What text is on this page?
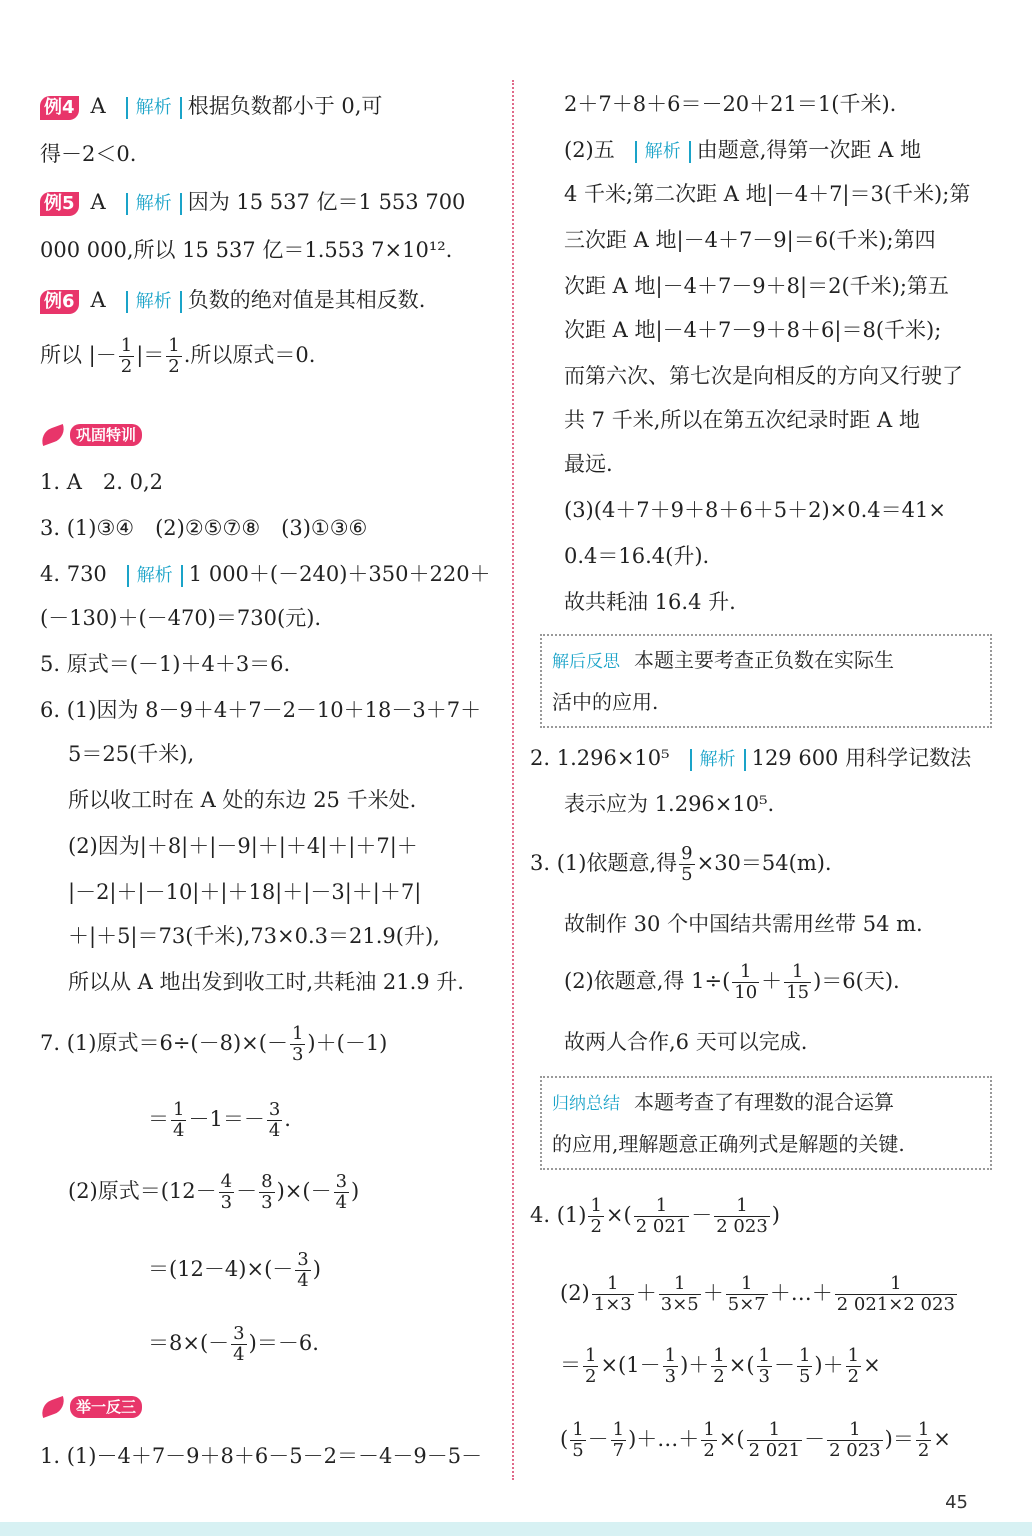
例4 A 解析 根据负数都小于 0,可
得－2＜0.
例5 A 解析 因为 15 537 亿＝1 553 700
000 000,所以 15 537 亿＝1.553 7×10¹².
例6 A 解析 负数的绝对值是其相反数.
所以 |－ $\frac{1}{2}$ |＝ $\frac{1}{2}$ .所以原式＝0.
巩固特训
1. A　2. 0,2
3. (1)③④　(2)②⑤⑦⑧　(3)①③⑥
4. 730 解析 1 000＋(－240)＋350＋220＋
(－130)＋(－470)＝730(元).
5. 原式＝(－1)＋4＋3＝6.
6. (1)因为 8－9＋4＋7－2－10＋18－3＋7＋
5＝25(千米),
所以收工时在 A 处的东边 25 千米处.
(2)因为|＋8|＋|－9|＋|＋4|＋|＋7|＋
|－2|＋|－10|＋|＋18|＋|－3|＋|＋7|
＋|＋5|＝73(千米),73×0.3＝21.9(升),
所以从 A 地出发到收工时,共耗油 21.9 升.
7. (1)原式$=6\div(-8)\times(- \frac{1}{3} )+(-1)$
＝ $\frac{1}{4} -1=- \frac{3}{4}$ .
(2)原式$=(12- \frac{4}{3} - \frac{8}{3}$ )×(－ $\frac{3}{4}$ )
$=(12-4)\times(- \frac{3}{4}$ )
$=8\times(- \frac{3}{4} )=-6$.
举一反三
1. (1)－4＋7－9＋8＋6－5－2＝－4－9－5－
2＋7＋8＋6＝－20＋21＝1(千米).
(2)五 解析 由题意,得第一次距 A 地
4 千米;第二次距 A 地|－4＋7|＝3(千米);第
三次距 A 地|－4＋7－9|＝6(千米);第四
次距 A 地|－4＋7－9＋8|＝2(千米);第五
次距 A 地|－4＋7－9＋8＋6|＝8(千米);
而第六次、第七次是向相反的方向又行驶了
共 7 千米,所以在第五次纪录时距 A 地
最远.
(3)(4＋7＋9＋8＋6＋5＋2)×0.4＝41×
0.4＝16.4(升).
故共耗油 16.4 升.
解后反思 本题主要考查正负数在实际生
活中的应用.
2. 1.296×10⁵ 解析 129 600 用科学记数法
表示应为 1.296×10⁵.
3. (1)依题意,得 $\frac{9}{5} \times 30=54(m)$.
故制作 30 个中国结共需用丝带 54 m.
(2)依题意,得 $1\div( \frac{1}{10} + \frac{1}{15} )=6$(天).
故两人合作,6 天可以完成.
归纳总结 本题考查了有理数的混合运算
的应用,理解题意正确列式是解题的关键.
4. $(1) \frac{1}{2}$ ×( $\frac{1}{2 021} - \frac{1}{2 023}$ )
$(2) \frac{1}{1\times 3} + \frac{1}{3\times 5} + \frac{1}{5\times 7}$ ＋…＋ $\frac{1}{2 021\times 2 023}$
＝ $\frac{1}{2} \times(1- \frac{1}{3}$ )＋ $\frac{1}{2}$ ×( $\frac{1}{3} - \frac{1}{5}$ )＋ $\frac{1}{2}$ ×
( $\frac{1}{5} - \frac{1}{7}$ )＋…＋ $\frac{1}{2}$ ×( $\frac{1}{2 021} - \frac{1}{2 023}$ )＝ $\frac{1}{2}$ ×
45
